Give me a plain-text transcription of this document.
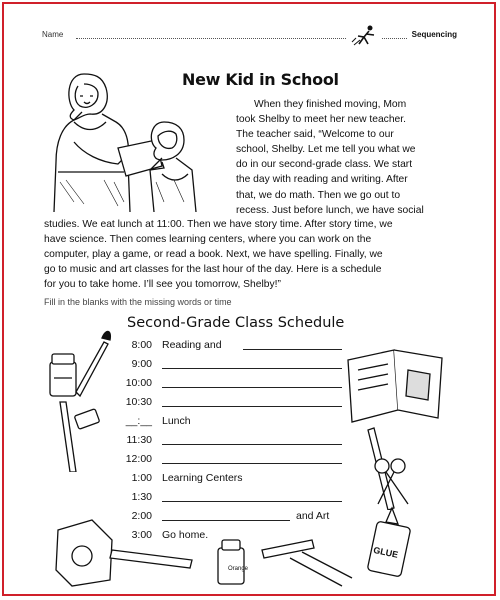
Name	Sequencing
New Kid in School
When they finished moving, Mom
took Shelby to meet her new teacher.
The teacher said, “Welcome to our
school, Shelby. Let me tell you what we
do in our second-grade class. We start
the day with reading and writing. After
that, we do math. Then we go out to
recess. Just before lunch, we have social
studies. We eat lunch at 11:00. Then we have story time. After story time, we
have science. Then comes learning centers, where you can work on the
computer, play a game, or read a book. Next, we have spelling. Finally, we
go to music and art classes for the last hour of the day. Here is a schedule
for you to take home. I’ll see you tomorrow, Shelby!”
Fill in the blanks with the missing words or time
Second-Grade Class Schedule
8:00 Reading and
9:00
10:00
10:30
__:__ Lunch
11:30
12:00
1:00 Learning Centers
1:30
2:00	and Art
3:00 Go home.
Orange
GLUE
